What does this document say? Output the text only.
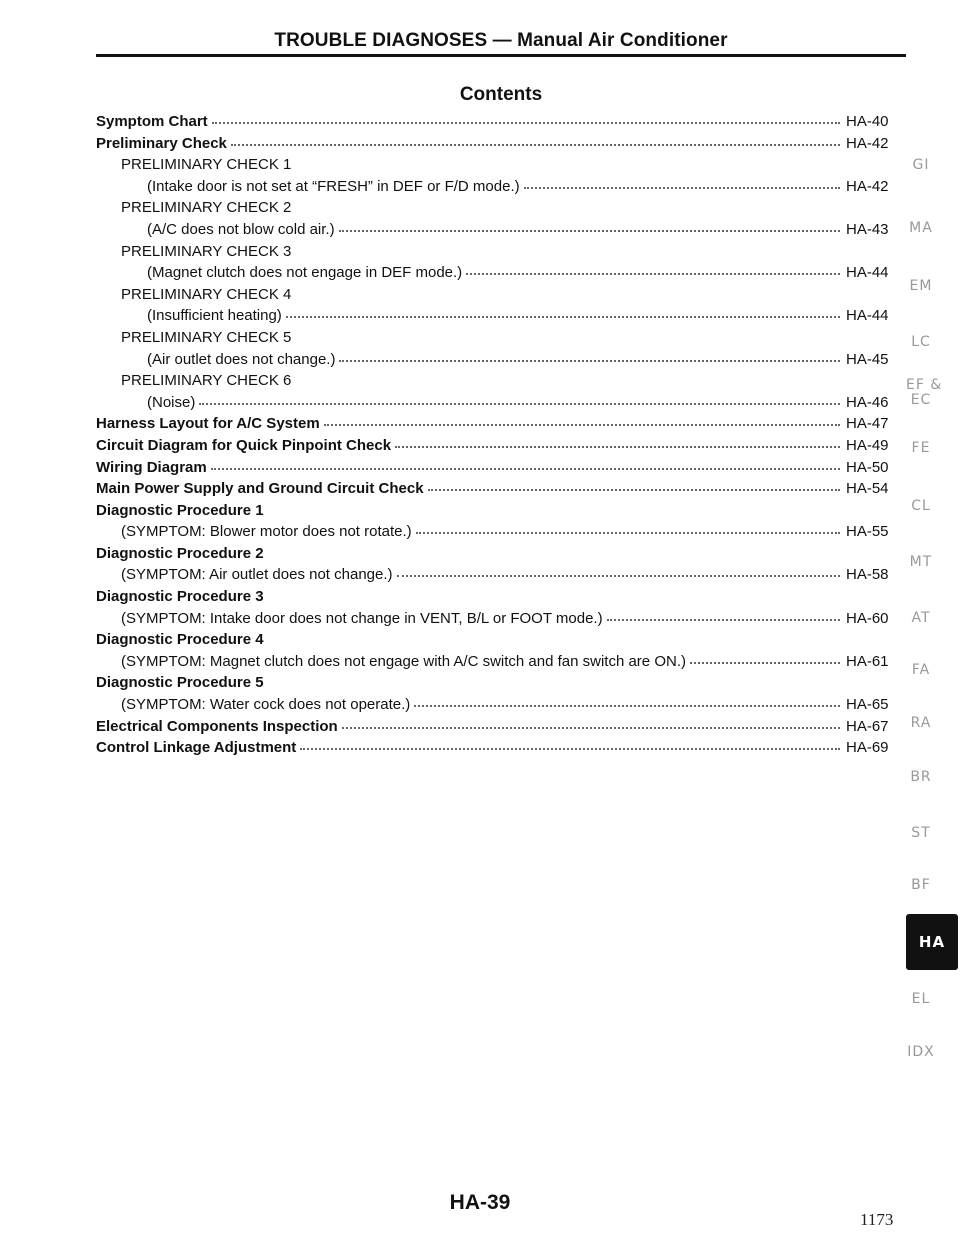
TROUBLE DIAGNOSES — Manual Air Conditioner
Contents
Symptom Chart	HA-40
Preliminary Check	HA-42
PRELIMINARY CHECK 1
(Intake door is not set at “FRESH” in DEF or F/D mode.)	HA-42
PRELIMINARY CHECK 2
(A/C does not blow cold air.)	HA-43
PRELIMINARY CHECK 3
(Magnet clutch does not engage in DEF mode.)	HA-44
PRELIMINARY CHECK 4
(Insufficient heating)	HA-44
PRELIMINARY CHECK 5
(Air outlet does not change.)	HA-45
PRELIMINARY CHECK 6
(Noise)	HA-46
Harness Layout for A/C System	HA-47
Circuit Diagram for Quick Pinpoint Check	HA-49
Wiring Diagram	HA-50
Main Power Supply and Ground Circuit Check	HA-54
Diagnostic Procedure 1
(SYMPTOM: Blower motor does not rotate.)	HA-55
Diagnostic Procedure 2
(SYMPTOM: Air outlet does not change.)	HA-58
Diagnostic Procedure 3
(SYMPTOM: Intake door does not change in VENT, B/L or FOOT mode.)	HA-60
Diagnostic Procedure 4
(SYMPTOM: Magnet clutch does not engage with A/C switch and fan switch are ON.)	HA-61
Diagnostic Procedure 5
(SYMPTOM: Water cock does not operate.)	HA-65
Electrical Components Inspection	HA-67
Control Linkage Adjustment	HA-69
GI
MA
EM
LC
EF &
EC
FE
CL
MT
AT
FA
RA
BR
ST
BF
HA
EL
IDX
HA-39
1173
